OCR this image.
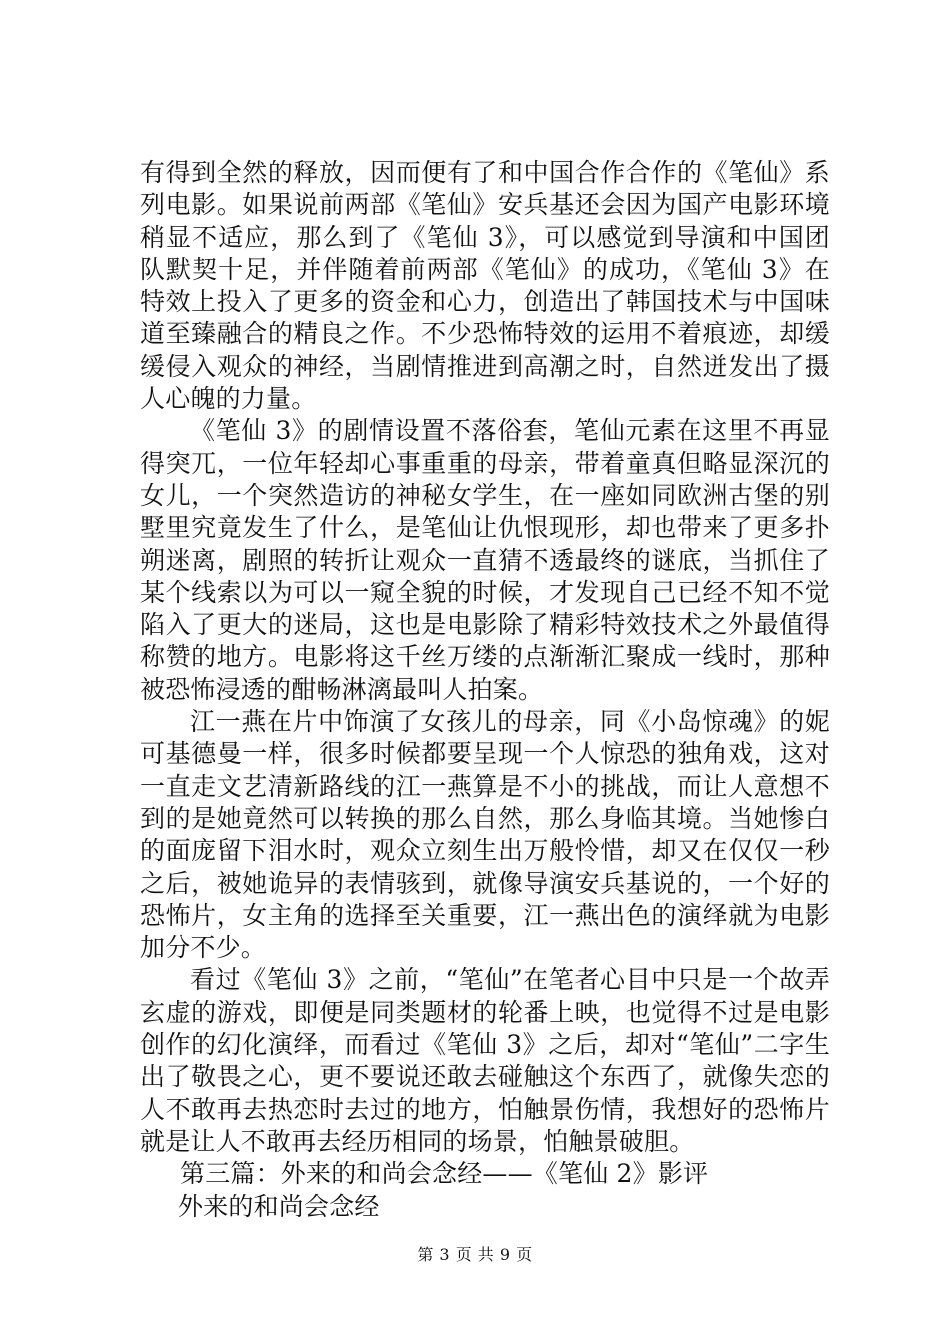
有得到全然的释放，因而便有了和中国合作合作的《笔仙》系列电影。如果说前两部《笔仙》安兵基还会因为国产电影环境稍显不适应，那么到了《笔仙 3》，可以感觉到导演和中国团队默契十足，并伴随着前两部《笔仙》的成功，《笔仙 3》在特效上投入了更多的资金和心力，创造出了韩国技术与中国味道至臻融合的精良之作。不少恐怖特效的运用不着痕迹，却缓缓侵入观众的神经，当剧情推进到高潮之时，自然迸发出了摄人心魄的力量。

《笔仙 3》的剧情设置不落俗套，笔仙元素在这里不再显得突兀，一位年轻却心事重重的母亲，带着童真但略显深沉的女儿，一个突然造访的神秘女学生，在一座如同欧洲古堡的别墅里究竟发生了什么，是笔仙让仇恨现形，却也带来了更多扑朔迷离，剧照的转折让观众一直猜不透最终的谜底，当抓住了某个线索以为可以一窥全貌的时候，才发现自己已经不知不觉陷入了更大的迷局，这也是电影除了精彩特效技术之外最值得称赞的地方。电影将这千丝万缕的点渐渐汇聚成一线时，那种被恐怖浸透的酣畅淋漓最叫人拍案。

江一燕在片中饰演了女孩儿的母亲，同《小岛惊魂》的妮可基德曼一样，很多时候都要呈现一个人惊恐的独角戏，这对一直走文艺清新路线的江一燕算是不小的挑战，而让人意想不到的是她竟然可以转换的那么自然，那么身临其境。当她惨白的面庞留下泪水时，观众立刻生出万般怜惜，却又在仅仅一秒之后，被她诡异的表情骇到，就像导演安兵基说的，一个好的恐怖片，女主角的选择至关重要，江一燕出色的演绎就为电影加分不少。

看过《笔仙 3》之前，“笔仙”在笔者心目中只是一个故弄玄虚的游戏，即便是同类题材的轮番上映，也觉得不过是电影创作的幻化演绎，而看过《笔仙 3》之后，却对“笔仙”二字生出了敬畏之心，更不要说还敢去碰触这个东西了，就像失恋的人不敢再去热恋时去过的地方，怕触景伤情，我想好的恐怖片就是让人不敢再去经历相同的场景，怕触景破胆。

第三篇：外来的和尚会念经——《笔仙 2》影评
外来的和尚会念经
第 3 页 共 9 页
